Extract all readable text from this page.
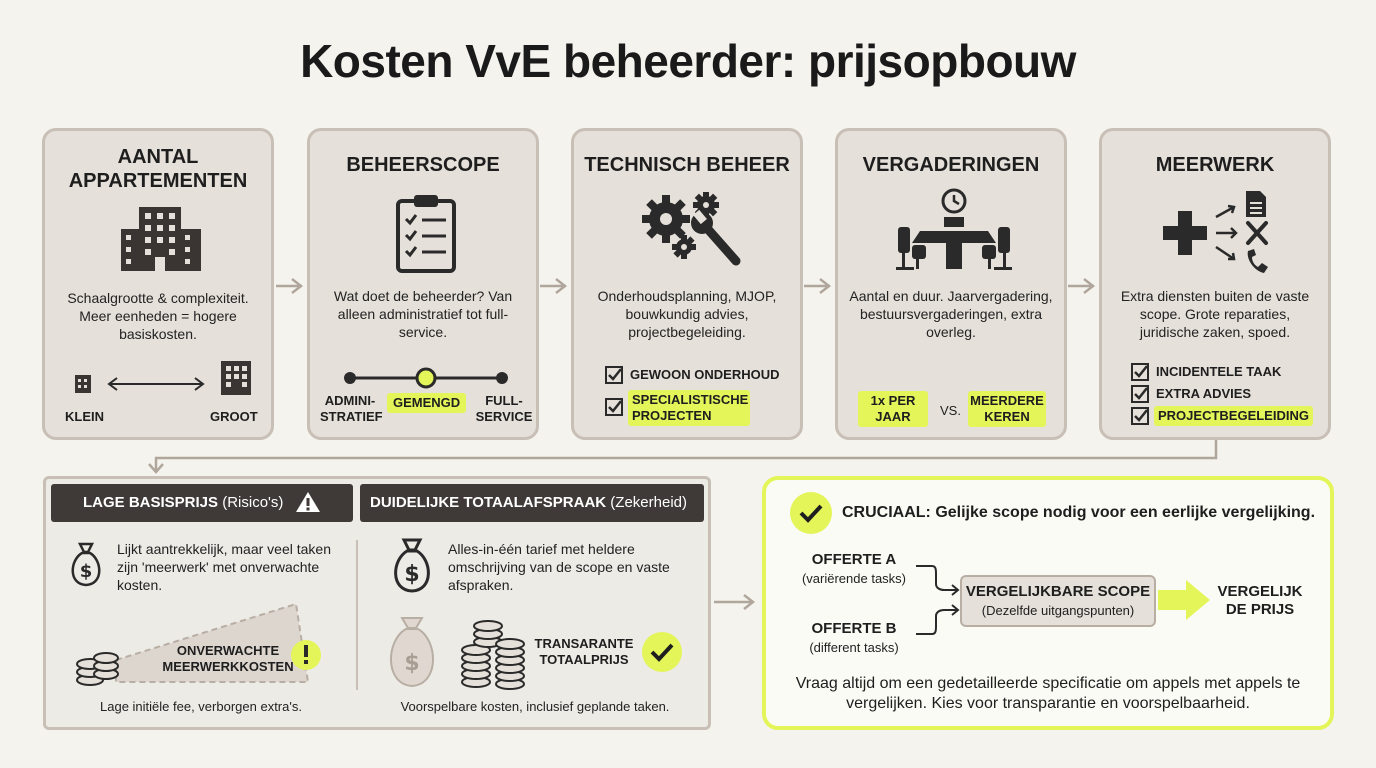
Kosten VvE beheerder: prijsopbouw
AANTAL APPARTEMENTEN
Schaalgrootte & complexiteit. Meer eenheden = hogere basiskosten.
KLEIN	GROOT
BEHEERSCOPE
Wat doet de beheerder? Van alleen administratief tot full-service.
ADMINI- STRATIEF
GEMENGD	FULL- SERVICE
TECHNISCH BEHEER
Onderhoudsplanning, MJOP, bouwkundig advies, projectbegeleiding.
GEWOON ONDERHOUD
SPECIALISTISCHE PROJECTEN
VERGADERINGEN
Aantal en duur. Jaarvergadering, bestuursvergaderingen, extra overleg.
1x PER JAAR	VS.
MEERDERE KEREN
MEERWERK
Extra diensten buiten de vaste scope. Grote reparaties, juridische zaken, spoed.
INCIDENTELE TAAK
EXTRA ADVIES
PROJECTBEGELEIDING
LAGE BASISPRIJS (Risico's)	DUIDELIJKE TOTAALAFSPRAAK (Zekerheid)
$
Lijkt aantrekkelijk, maar veel taken zijn 'meerwerk' met onverwachte kosten.
ONVERWACHTE MEERWERKKOSTEN
Lage initiële fee, verborgen extra's.
$
Alles-in-één tarief met heldere omschrijving van de scope en vaste afspraken.
$
TRANSARANTE TOTAALPRIJS
Voorspelbare kosten, inclusief geplande taken.
CRUCIAAL: Gelijke scope nodig voor een eerlijke vergelijking.
OFFERTE A
(variërende tasks)
OFFERTE B
(different tasks)
VERGELIJKBARE SCOPE
(Dezelfde uitgangspunten)
VERGELIJK DE PRIJS
Vraag altijd om een gedetailleerde specificatie om appels met appels te vergelijken. Kies voor transparantie en voorspelbaarheid.
